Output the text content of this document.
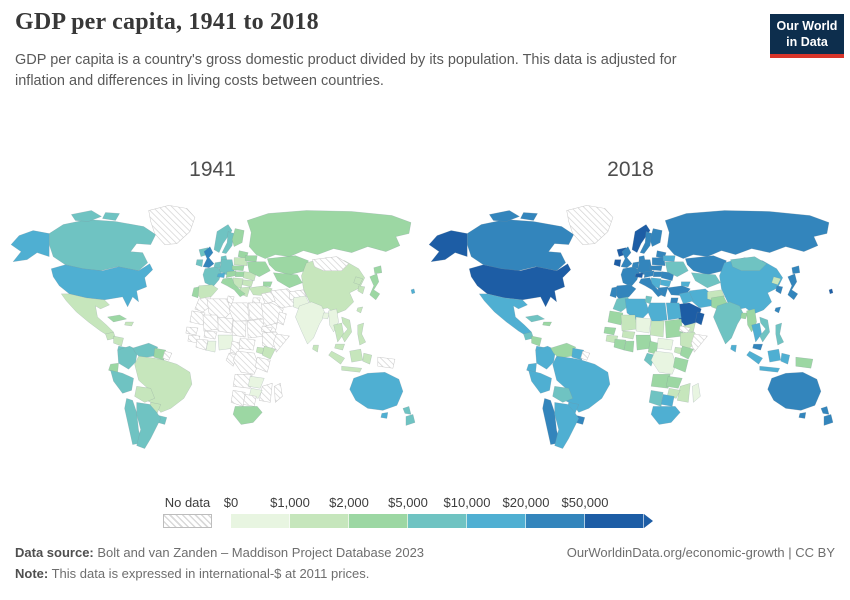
GDP per capita, 1941 to 2018
GDP per capita is a country's gross domestic product divided by its population. This data is adjusted for inflation and differences in living costs between countries.
Our World
in Data
1941	2018
No data $0 $1,000 $2,000 $5,000 $10,000 $20,000 $50,000
Data source: Bolt and van Zanden – Maddison Project Database 2023
Note: This data is expressed in international-$ at 2011 prices.
OurWorldinData.org/economic-growth | CC BY
